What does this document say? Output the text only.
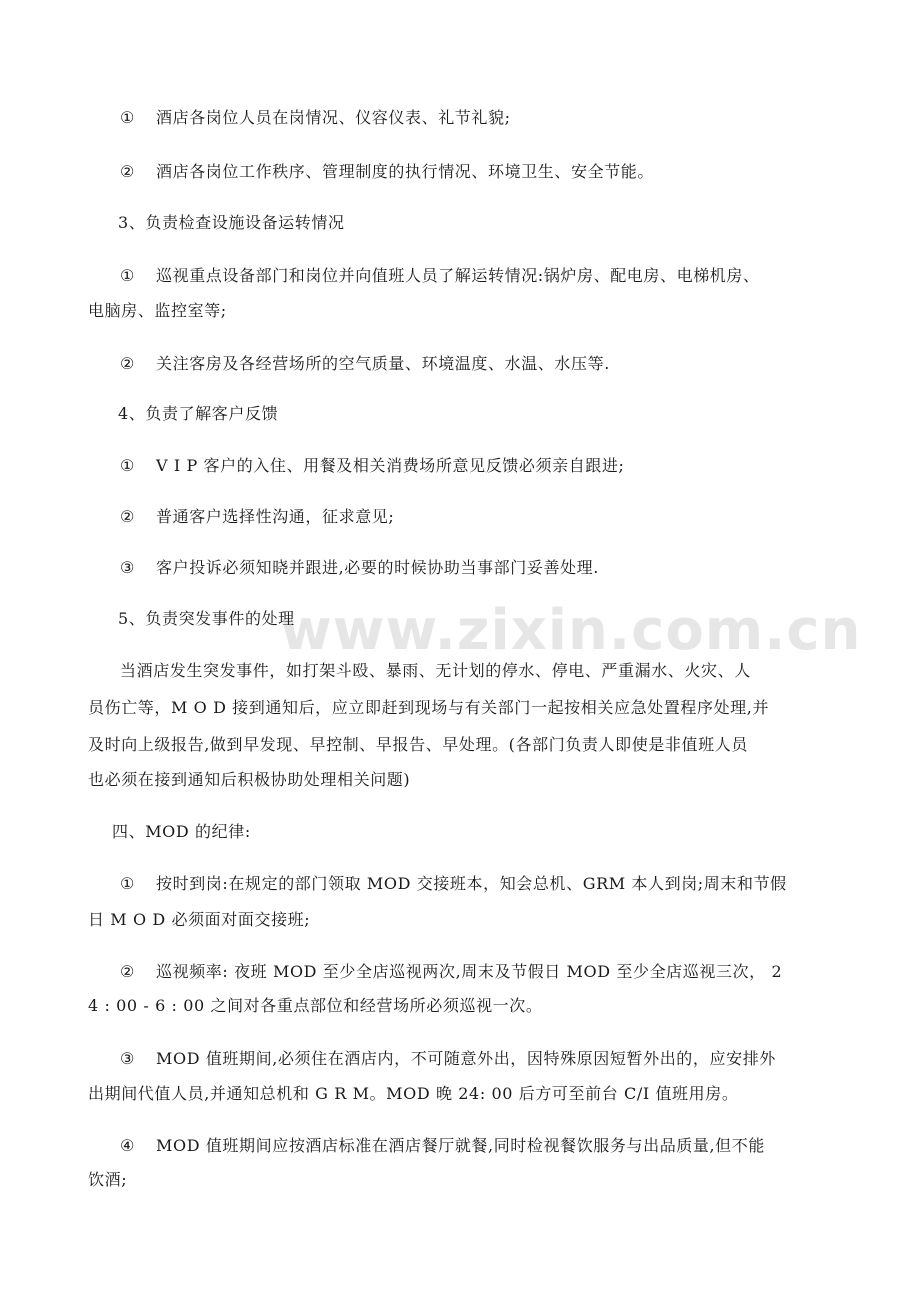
www.zixin.com.cn
① 酒店各岗位人员在岗情况、仪容仪表、礼节礼貌;
② 酒店各岗位工作秩序、管理制度的执行情况、环境卫生、安全节能。
3、负责检查设施设备运转情况
① 巡视重点设备部门和岗位并向值班人员了解运转情况:锅炉房、配电房、电梯机房、
电脑房、监控室等;
② 关注客房及各经营场所的空气质量、环境温度、水温、水压等.
4、负责了解客户反馈
① V I P 客户的入住、用餐及相关消费场所意见反馈必须亲自跟进;
② 普通客户选择性沟通，征求意见;
③ 客户投诉必须知晓并跟进,必要的时候协助当事部门妥善处理.
5、负责突发事件的处理
当酒店发生突发事件，如打架斗殴、暴雨、无计划的停水、停电、严重漏水、火灾、人
员伤亡等，M O D 接到通知后，应立即赶到现场与有关部门一起按相关应急处置程序处理,并
及时向上级报告,做到早发现、早控制、早报告、早处理。(各部门负责人即使是非值班人员
也必须在接到通知后积极协助处理相关问题)
四、MOD 的纪律:
① 按时到岗:在规定的部门领取 MOD 交接班本，知会总机、GRM 本人到岗;周末和节假
日 M O D 必须面对面交接班;
② 巡视频率: 夜班 MOD 至少全店巡视两次,周末及节假日 MOD 至少全店巡视三次， 2
4 : 00 - 6 : 00 之间对各重点部位和经营场所必须巡视一次。
③ MOD 值班期间,必须住在酒店内，不可随意外出，因特殊原因短暂外出的，应安排外
出期间代值人员,并通知总机和 G R M。MOD 晚 24: 00 后方可至前台 C/I 值班用房。
④ MOD 值班期间应按酒店标准在酒店餐厅就餐,同时检视餐饮服务与出品质量,但不能
饮酒;
